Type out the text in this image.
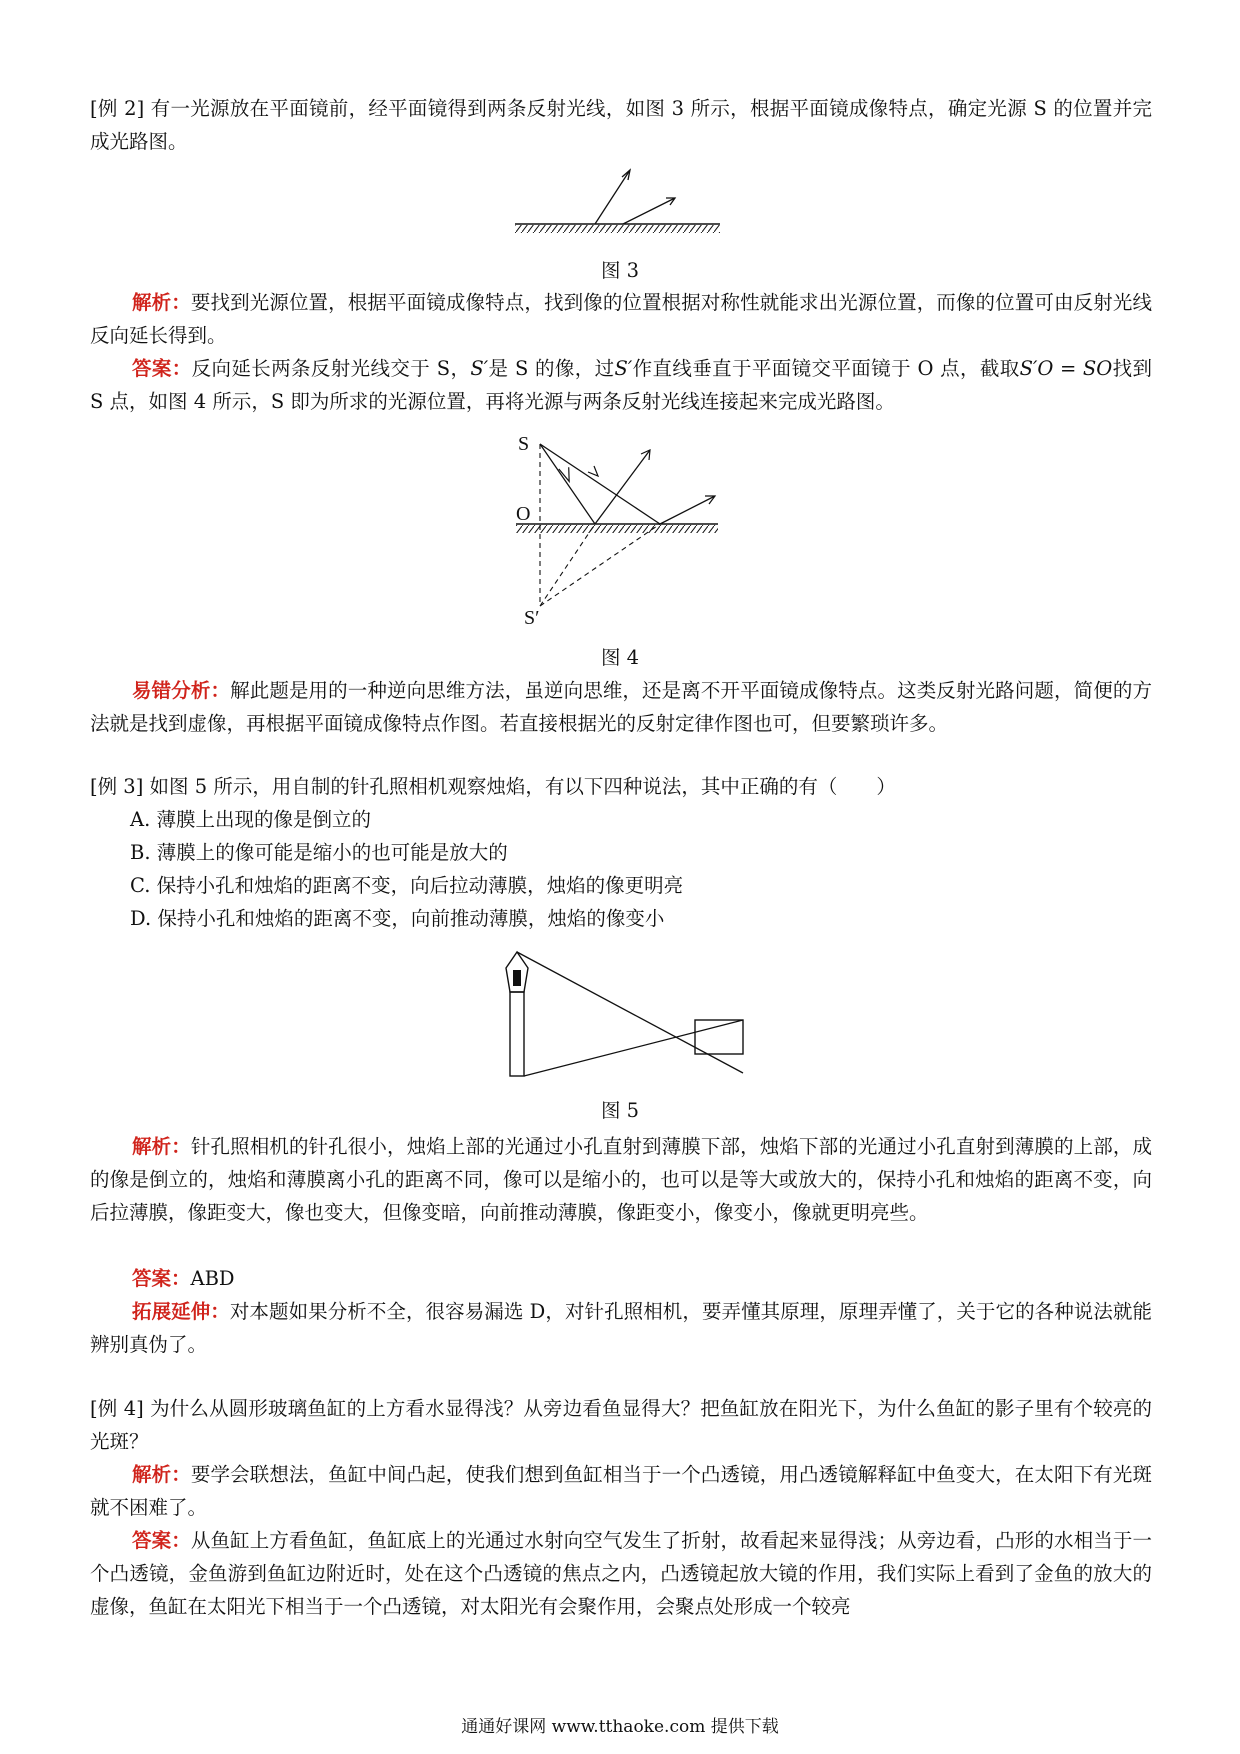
[例 2] 有一光源放在平面镜前，经平面镜得到两条反射光线，如图 3 所示，根据平面镜成像特点，确定光源 S 的位置并完成光路图。
图 3
解析：要找到光源位置，根据平面镜成像特点，找到像的位置根据对称性就能求出光源位置，而像的位置可由反射光线反向延长得到。
答案：反向延长两条反射光线交于 S，S′是 S 的像，过S′作直线垂直于平面镜交平面镜于 O 点，截取S′O = SO找到 S 点，如图 4 所示，S 即为所求的光源位置，再将光源与两条反射光线连接起来完成光路图。
S
O
S′
图 4
易错分析：解此题是用的一种逆向思维方法，虽逆向思维，还是离不开平面镜成像特点。这类反射光路问题，简便的方法就是找到虚像，再根据平面镜成像特点作图。若直接根据光的反射定律作图也可，但要繁琐许多。
[例 3] 如图 5 所示，用自制的针孔照相机观察烛焰，有以下四种说法，其中正确的有（　　）
A. 薄膜上出现的像是倒立的
B. 薄膜上的像可能是缩小的也可能是放大的
C. 保持小孔和烛焰的距离不变，向后拉动薄膜，烛焰的像更明亮
D. 保持小孔和烛焰的距离不变，向前推动薄膜，烛焰的像变小
图 5
解析：针孔照相机的针孔很小，烛焰上部的光通过小孔直射到薄膜下部，烛焰下部的光通过小孔直射到薄膜的上部，成的像是倒立的，烛焰和薄膜离小孔的距离不同，像可以是缩小的，也可以是等大或放大的，保持小孔和烛焰的距离不变，向后拉薄膜，像距变大，像也变大，但像变暗，向前推动薄膜，像距变小，像变小，像就更明亮些。
答案：ABD
拓展延伸：对本题如果分析不全，很容易漏选 D，对针孔照相机，要弄懂其原理，原理弄懂了，关于它的各种说法就能辨别真伪了。
[例 4] 为什么从圆形玻璃鱼缸的上方看水显得浅？从旁边看鱼显得大？把鱼缸放在阳光下，为什么鱼缸的影子里有个较亮的光斑？
解析：要学会联想法，鱼缸中间凸起，使我们想到鱼缸相当于一个凸透镜，用凸透镜解释缸中鱼变大，在太阳下有光斑就不困难了。
答案：从鱼缸上方看鱼缸，鱼缸底上的光通过水射向空气发生了折射，故看起来显得浅；从旁边看，凸形的水相当于一个凸透镜，金鱼游到鱼缸边附近时，处在这个凸透镜的焦点之内，凸透镜起放大镜的作用，我们实际上看到了金鱼的放大的虚像，鱼缸在太阳光下相当于一个凸透镜，对太阳光有会聚作用，会聚点处形成一个较亮
通通好课网 www.tthaoke.com 提供下载
